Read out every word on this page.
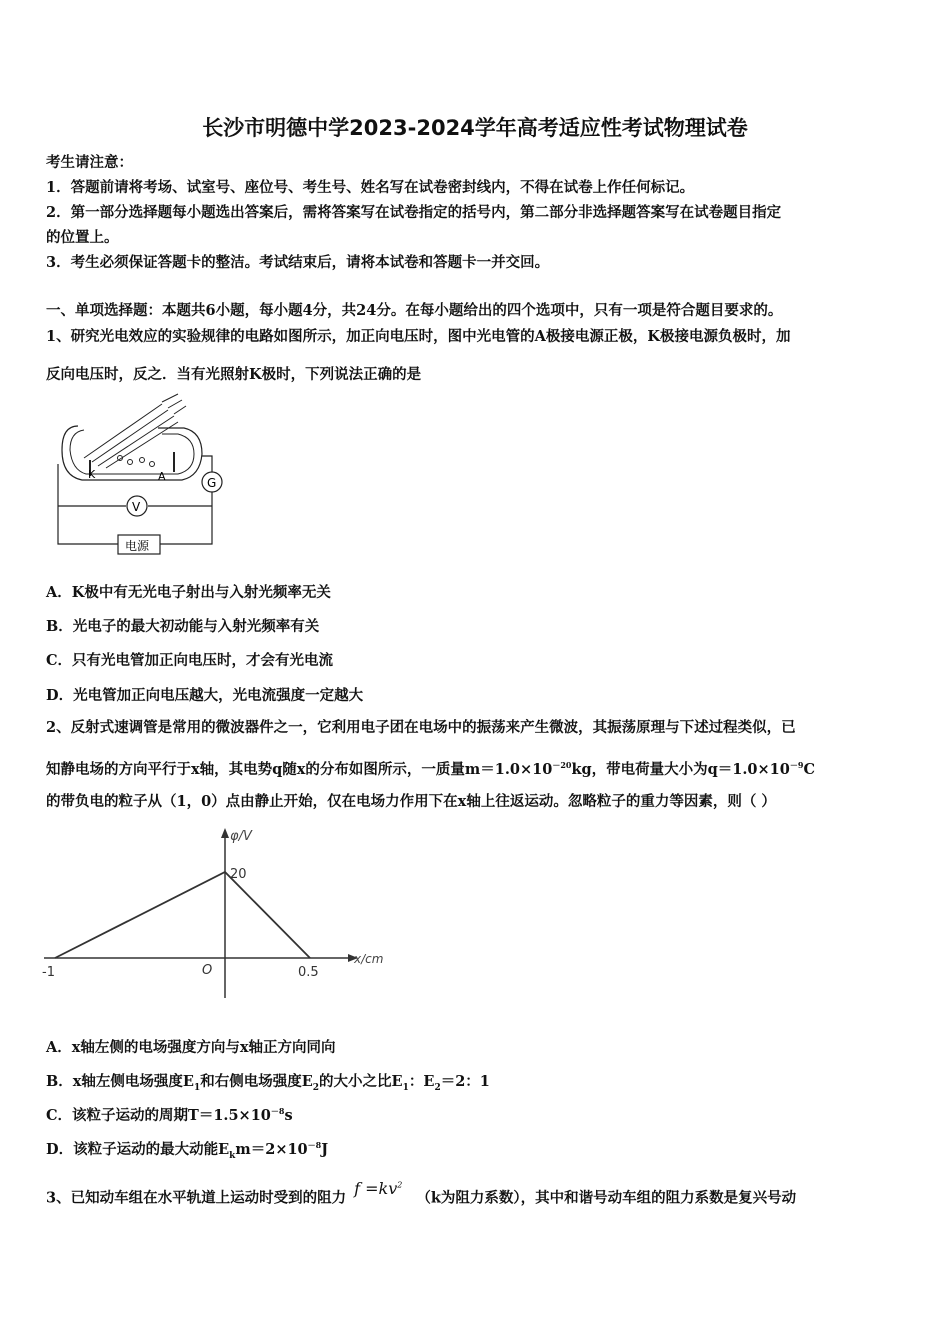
长沙市明德中学2023-2024学年高考适应性考试物理试卷
考生请注意：
1．答题前请将考场、试室号、座位号、考生号、姓名写在试卷密封线内，不得在试卷上作任何标记。
2．第一部分选择题每小题选出答案后，需将答案写在试卷指定的括号内，第二部分非选择题答案写在试卷题目指定
的位置上。
3．考生必须保证答题卡的整洁。考试结束后，请将本试卷和答题卡一并交回。
一、单项选择题：本题共6小题，每小题4分，共24分。在每小题给出的四个选项中，只有一项是符合题目要求的。
1、研究光电效应的实验规律的电路如图所示，加正向电压时，图中光电管的A极接电源正极，K极接电源负极时，加
反向电压时，反之．当有光照射K极时，下列说法正确的是
K	A	G
V
电源
A．K极中有无光电子射出与入射光频率无关
B．光电子的最大初动能与入射光频率有关
C．只有光电管加正向电压时，才会有光电流
D．光电管加正向电压越大，光电流强度一定越大
2、反射式速调管是常用的微波器件之一，它利用电子团在电场中的振荡来产生微波，其振荡原理与下述过程类似，已
知静电场的方向平行于x轴，其电势q随x的分布如图所示，一质量$m=1.0\times 10^{-20}kg$，带电荷量大小为$q=1.0\times 10^{-9}C$
的带负电的粒子从（1，0）点由静止开始，仅在电场力作用下在x轴上往返运动。忽略粒子的重力等因素，则（ ）
φ/V
x/cm
20
O
-1	0.5
A．x轴左侧的电场强度方向与x轴正方向同向
B．x轴左侧电场强度$E_1$和右侧电场强度$E_2$的大小之比$E_1$：$E_2=2$：1
C．该粒子运动的周期$T=1.5\times 10^{-8}s$
D．该粒子运动的最大动能$E_km=2\times 10^{-8}J$
3、已知动车组在水平轨道上运动时受到的阻力 $f =kv^2(k$为阻力系数），其中和谐号动车组的阻力系数是复兴号动
